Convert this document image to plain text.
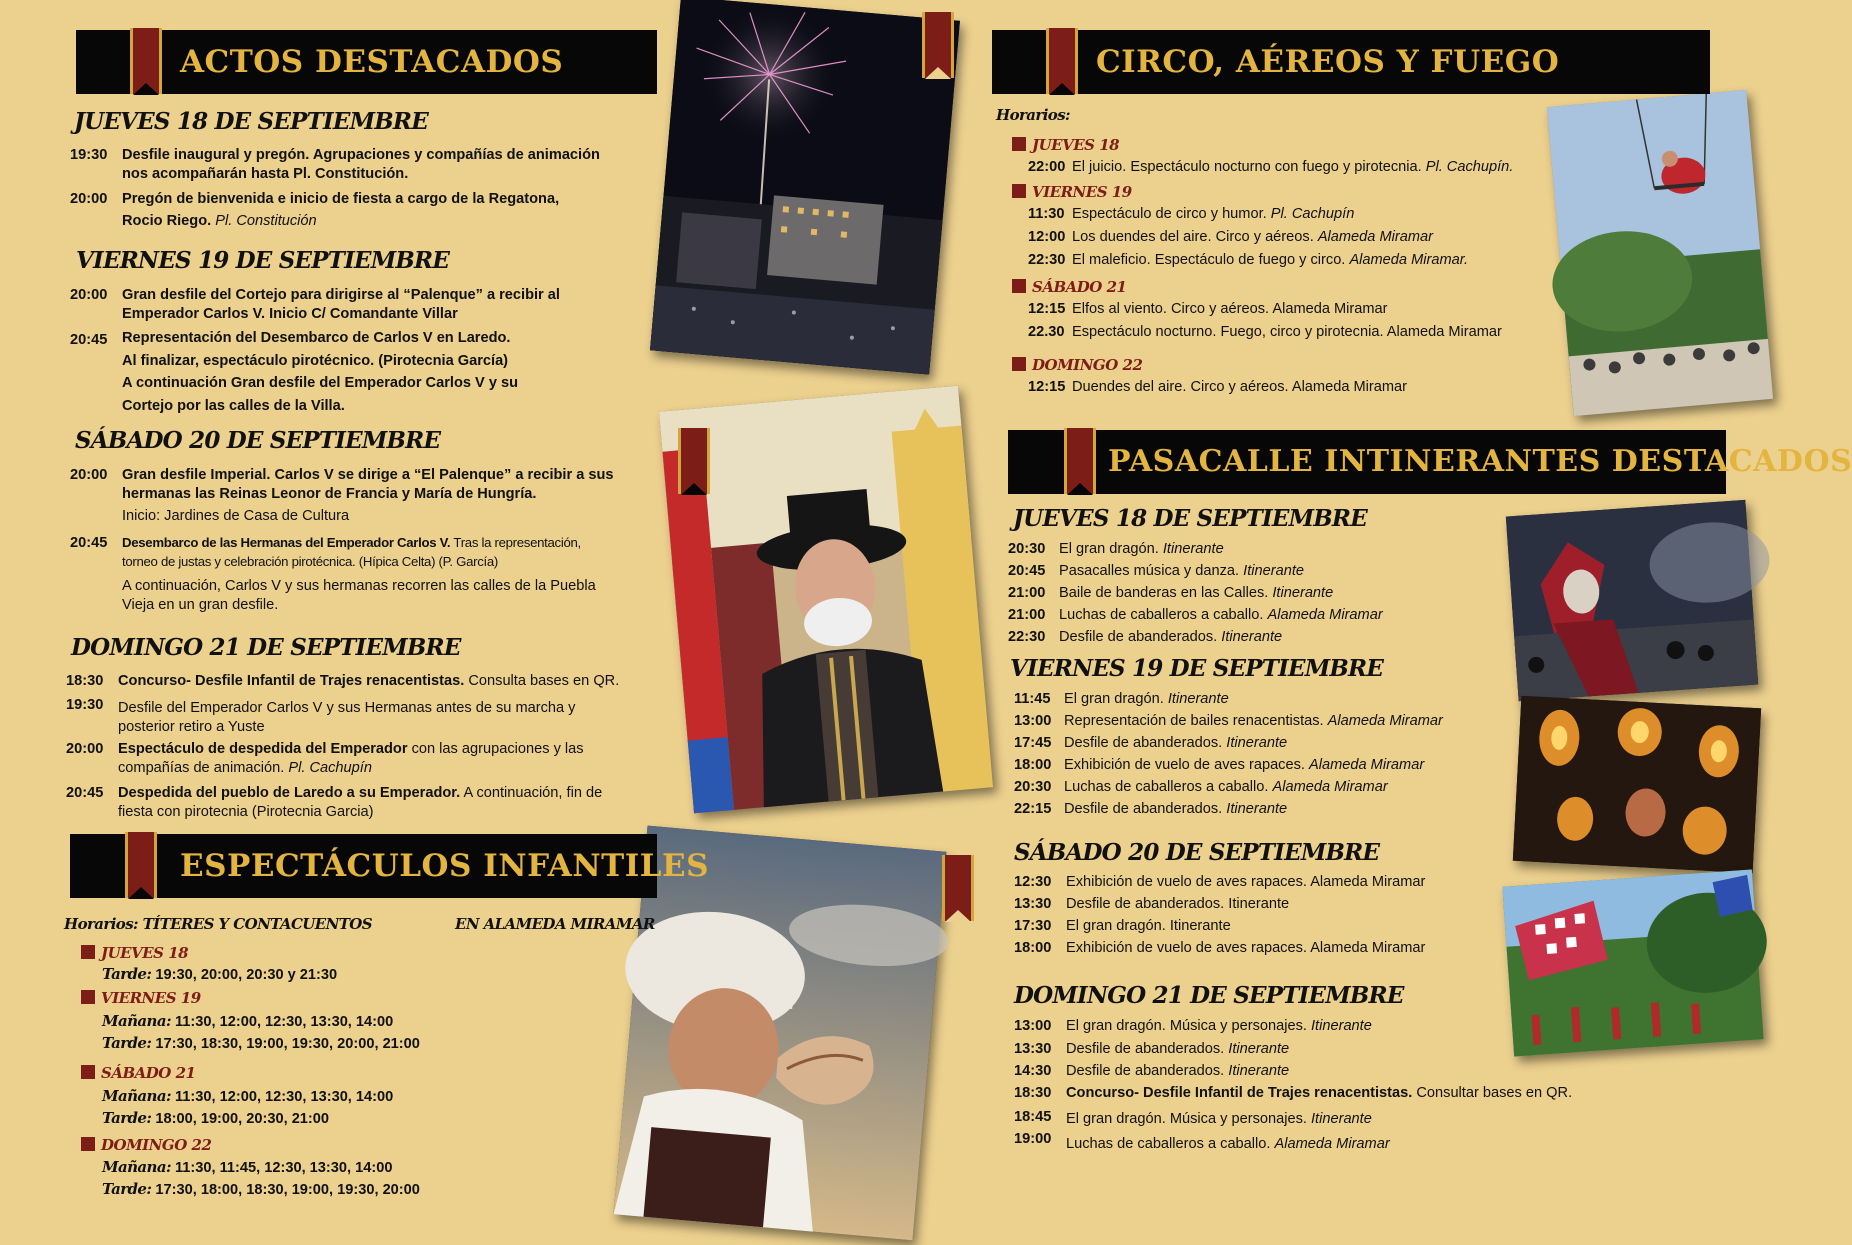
ACTOS DESTACADOS
JUEVES 18 DE SEPTIEMBRE
19:30 Desfile inaugural y pregón. Agrupaciones y compañías de animación
nos acompañarán hasta Pl. Constitución.
20:00 Pregón de bienvenida e inicio de fiesta a cargo de la Regatona,
Rocio Riego. Pl. Constitución
VIERNES 19 DE SEPTIEMBRE
20:00 Gran desfile del Cortejo para dirigirse al “Palenque” a recibir al
Emperador Carlos V. Inicio C/ Comandante Villar
20:45 Representación del Desembarco de Carlos V en Laredo.
Al finalizar, espectáculo pirotécnico. (Pirotecnia García)
A continuación Gran desfile del Emperador Carlos V y su
Cortejo por las calles de la Villa.
SÁBADO 20 DE SEPTIEMBRE
20:00 Gran desfile Imperial. Carlos V se dirige a “El Palenque” a recibir a sus
hermanas las Reinas Leonor de Francia y María de Hungría.
Inicio: Jardines de Casa de Cultura
20:45 Desembarco de las Hermanas del Emperador Carlos V. Tras la representación,
torneo de justas y celebración pirotécnica. (Hípica Celta) (P. García)
A continuación, Carlos V y sus hermanas recorren las calles de la Puebla
Vieja en un gran desfile.
DOMINGO 21 DE SEPTIEMBRE
18:30 Concurso- Desfile Infantil de Trajes renacentistas. Consulta bases en QR.
19:30 Desfile del Emperador Carlos V y sus Hermanas antes de su marcha y
posterior retiro a Yuste
20:00 Espectáculo de despedida del Emperador con las agrupaciones y las
compañías de animación. Pl. Cachupín
20:45 Despedida del pueblo de Laredo a su Emperador. A continuación, fin de
fiesta con pirotecnia (Pirotecnia Garcia)
ESPECTÁCULOS INFANTILES
Horarios: TÍTERES Y CONTACUENTOS	EN ALAMEDA MIRAMAR
JUEVES 18
Tarde: 19:30, 20:00, 20:30 y 21:30
VIERNES 19
Mañana: 11:30, 12:00, 12:30, 13:30, 14:00
Tarde: 17:30, 18:30, 19:00, 19:30, 20:00, 21:00
SÁBADO 21
Mañana: 11:30, 12:00, 12:30, 13:30, 14:00
Tarde: 18:00, 19:00, 20:30, 21:00
DOMINGO 22
Mañana: 11:30, 11:45, 12:30, 13:30, 14:00
Tarde: 17:30, 18:00, 18:30, 19:00, 19:30, 20:00
CIRCO, AÉREOS Y FUEGO
Horarios:
JUEVES 18
22:00 El juicio. Espectáculo nocturno con fuego y pirotecnia. Pl. Cachupín.
VIERNES 19
11:30 Espectáculo de circo y humor. Pl. Cachupín
12:00 Los duendes del aire. Circo y aéreos. Alameda Miramar
22:30 El maleficio. Espectáculo de fuego y circo. Alameda Miramar.
SÁBADO 21
12:15 Elfos al viento. Circo y aéreos. Alameda Miramar
22.30 Espectáculo nocturno. Fuego, circo y pirotecnia. Alameda Miramar
DOMINGO 22
12:15 Duendes del aire. Circo y aéreos. Alameda Miramar
PASACALLE INTINERANTES DESTACADOS
JUEVES 18 DE SEPTIEMBRE
20:30 El gran dragón. Itinerante
20:45 Pasacalles música y danza. Itinerante
21:00 Baile de banderas en las Calles. Itinerante
21:00 Luchas de caballeros a caballo. Alameda Miramar
22:30 Desfile de abanderados. Itinerante
VIERNES 19 DE SEPTIEMBRE
11:45 El gran dragón. Itinerante
13:00 Representación de bailes renacentistas. Alameda Miramar
17:45 Desfile de abanderados. Itinerante
18:00 Exhibición de vuelo de aves rapaces. Alameda Miramar
20:30 Luchas de caballeros a caballo. Alameda Miramar
22:15 Desfile de abanderados. Itinerante
SÁBADO 20 DE SEPTIEMBRE
12:30 Exhibición de vuelo de aves rapaces. Alameda Miramar
13:30 Desfile de abanderados. Itinerante
17:30 El gran dragón. Itinerante
18:00 Exhibición de vuelo de aves rapaces. Alameda Miramar
DOMINGO 21 DE SEPTIEMBRE
13:00 El gran dragón. Música y personajes. Itinerante
13:30 Desfile de abanderados. Itinerante
14:30 Desfile de abanderados. Itinerante
18:30 Concurso- Desfile Infantil de Trajes renacentistas. Consultar bases en QR.
18:45 El gran dragón. Música y personajes. Itinerante
19:00 Luchas de caballeros a caballo. Alameda Miramar
